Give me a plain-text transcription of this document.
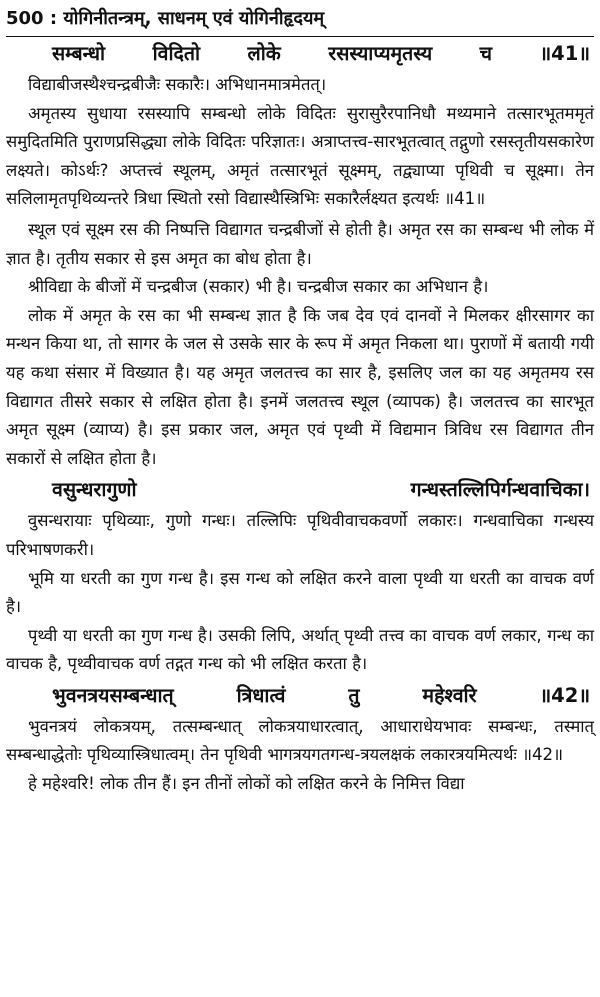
500 : योगिनीतन्त्रम्, साधनम् एवं योगिनीहृदयम्
सम्बन्धो विदितो लोके रसस्याप्यमृतस्य च ॥41॥

विद्याबीजस्थैश्चन्द्रबीजैः सकारैः। अभिधानमात्रमेतत्।

अमृतस्य सुधाया रसस्यापि सम्बन्धो लोके विदितः सुरासुरैरपानिधौ मथ्यमाने तत्सारभूतममृतं समुदितमिति पुराणप्रसिद्ध्या लोके विदितः परिज्ञातः। अत्राप्तत्त्व-सारभूतत्वात् तद्गुणो रसस्तृतीयसकारेण लक्ष्यते। कोऽर्थः? अप्तत्त्वं स्थूलम्, अमृतं तत्सारभूतं सूक्ष्मम्, तद्व्याप्या पृथिवी च सूक्ष्मा। तेन सलिलामृतपृथिव्यन्तरे त्रिधा स्थितो रसो विद्यास्थैस्त्रिभिः सकारैर्लक्ष्यत इत्यर्थः ॥41॥

स्थूल एवं सूक्ष्म रस की निष्पत्ति विद्यागत चन्द्रबीजों से होती है। अमृत रस का सम्बन्ध भी लोक में ज्ञात है। तृतीय सकार से इस अमृत का बोध होता है।

श्रीविद्या के बीजों में चन्द्रबीज (सकार) भी है। चन्द्रबीज सकार का अभिधान है।

लोक में अमृत के रस का भी सम्बन्ध ज्ञात है कि जब देव एवं दानवों ने मिलकर क्षीरसागर का मन्थन किया था, तो सागर के जल से उसके सार के रूप में अमृत निकला था। पुराणों में बतायी गयी यह कथा संसार में विख्यात है। यह अमृत जलतत्त्व का सार है, इसलिए जल का यह अमृतमय रस विद्यागत तीसरे सकार से लक्षित होता है। इनमें जलतत्त्व स्थूल (व्यापक) है। जलतत्त्व का सारभूत अमृत सूक्ष्म (व्याप्य) है। इस प्रकार जल, अमृत एवं पृथ्वी में विद्यमान त्रिविध रस विद्यागत तीन सकारों से लक्षित होता है।

वसुन्धरागुणो गन्धस्तल्लिपिर्गन्धवाचिका।

वुसन्धरायाः पृथिव्याः, गुणो गन्धः। तल्लिपिः पृथिवीवाचकवर्णो लकारः। गन्धवाचिका गन्धस्य परिभाषणकरी।

भूमि या धरती का गुण गन्ध है। इस गन्ध को लक्षित करने वाला पृथ्वी या धरती का वाचक वर्ण है।

पृथ्वी या धरती का गुण गन्ध है। उसकी लिपि, अर्थात् पृथ्वी तत्त्व का वाचक वर्ण लकार, गन्ध का वाचक है, पृथ्वीवाचक वर्ण तद्गत गन्ध को भी लक्षित करता है।

भुवनत्रयसम्बन्धात् त्रिधात्वं तु महेश्वरि ॥42॥

भुवनत्रयं लोकत्रयम्, तत्सम्बन्धात् लोकत्रयाधारत्वात्, आधाराधेयभावः सम्बन्धः, तस्मात् सम्बन्धाद्धेतोः पृथिव्यास्त्रिधात्वम्। तेन पृथिवी भागत्रयगतगन्ध-त्रयलक्षकं लकारत्रयमित्यर्थः ॥42॥

हे महेश्वरि! लोक तीन हैं। इन तीनों लोकों को लक्षित करने के निमित्त विद्या
